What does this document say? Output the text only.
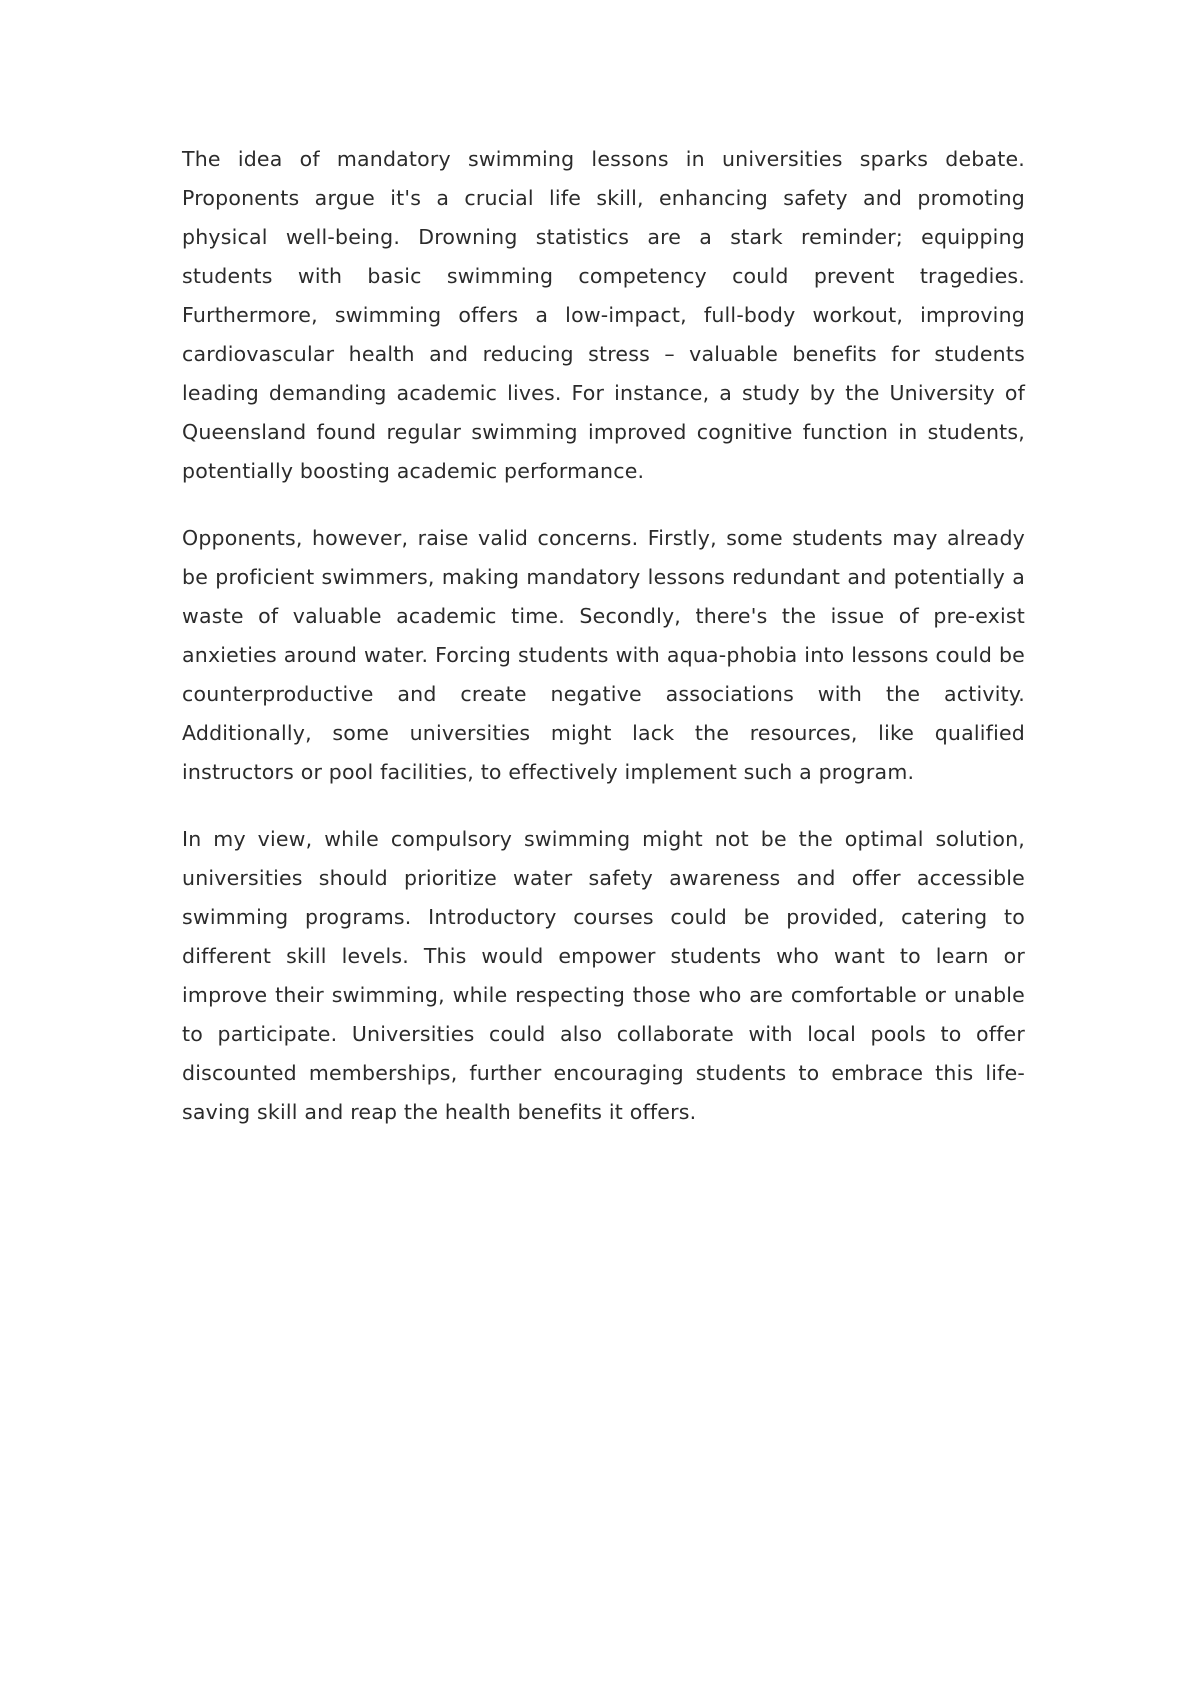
The idea of mandatory swimming lessons in universities sparks debate. Proponents argue it's a crucial life skill, enhancing safety and promoting physical well-being. Drowning statistics are a stark reminder; equipping students with basic swimming competency could prevent tragedies. Furthermore, swimming offers a low-impact, full-body workout, improving cardiovascular health and reducing stress – valuable benefits for students leading demanding academic lives. For instance, a study by the University of Queensland found regular swimming improved cognitive function in students, potentially boosting academic performance.

Opponents, however, raise valid concerns. Firstly, some students may already be proficient swimmers, making mandatory lessons redundant and potentially a waste of valuable academic time. Secondly, there's the issue of pre-exist anxieties around water. Forcing students with aqua-phobia into lessons could be counterproductive and create negative associations with the activity. Additionally, some universities might lack the resources, like qualified instructors or pool facilities, to effectively implement such a program.

In my view, while compulsory swimming might not be the optimal solution, universities should prioritize water safety awareness and offer accessible swimming programs. Introductory courses could be provided, catering to different skill levels. This would empower students who want to learn or improve their swimming, while respecting those who are comfortable or unable to participate. Universities could also collaborate with local pools to offer discounted memberships, further encouraging students to embrace this life-saving skill and reap the health benefits it offers.
